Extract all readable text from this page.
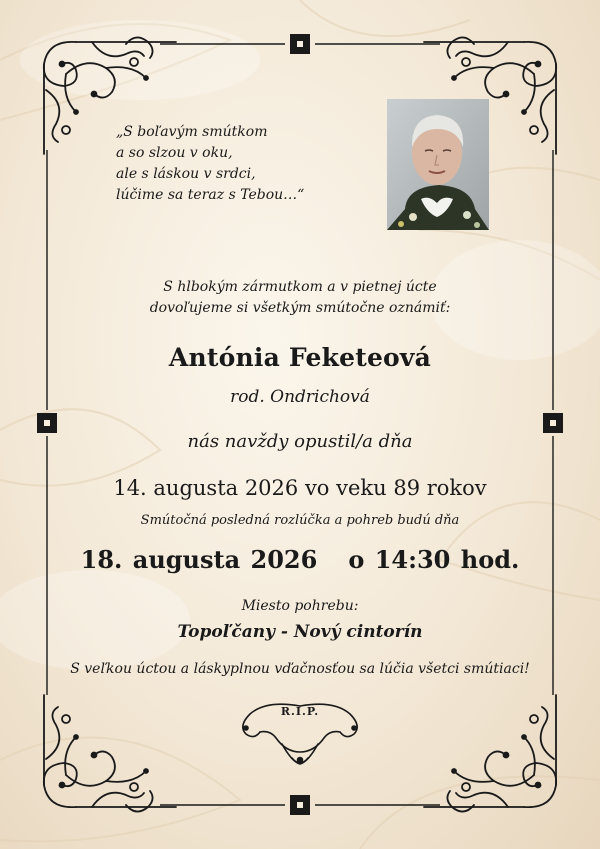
„S boľavým smútkom
a so slzou v oku,
ale s láskou v srdci,
lúčime sa teraz s Tebou…“
S hlbokým zármutkom a v pietnej úcte
dovoľujeme si všetkým smútočne oznámiť:
Antónia Feketeová
rod. Ondrichová
nás navždy opustil/a dňa
14. augusta 2026 vo veku 89 rokov
Smútočná posledná rozlúčka a pohreb budú dňa
18. augusta 2026   o 14:30 hod.
Miesto pohrebu:
Topoľčany - Nový cintorín
S veľkou úctou a láskyplnou vďačnosťou sa lúčia všetci smútiaci!
R.I.P.
